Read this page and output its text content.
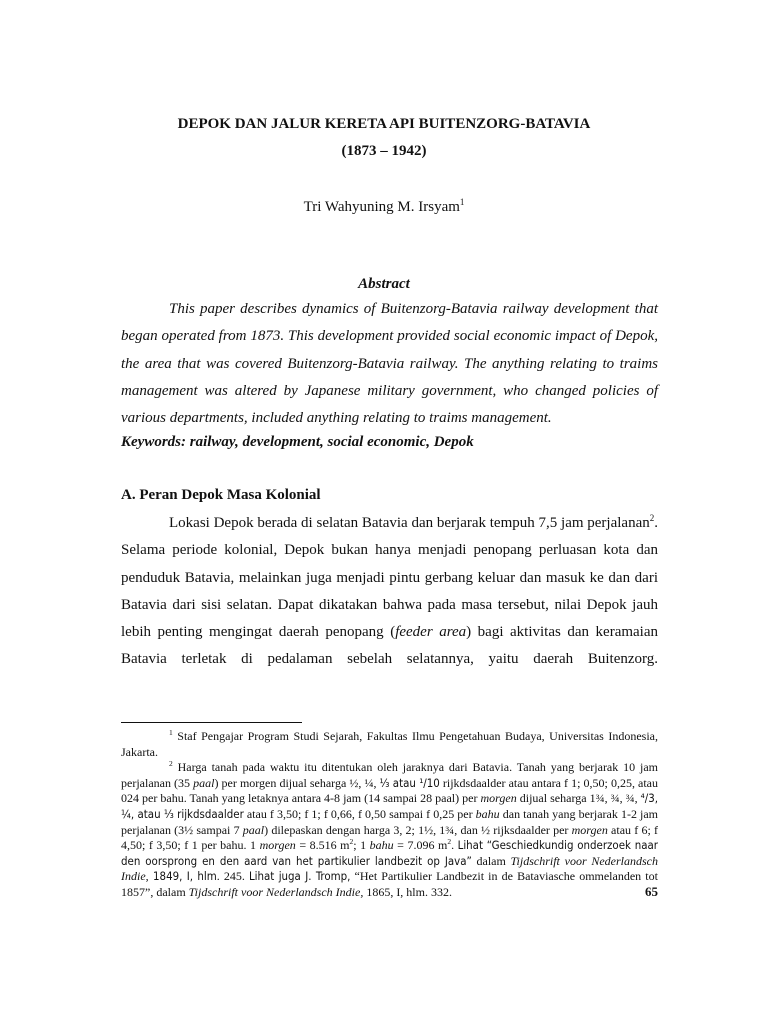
DEPOK DAN JALUR KERETA API BUITENZORG-BATAVIA
(1873 – 1942)
Tri Wahyuning M. Irsyam$^1$
Abstract

This paper describes dynamics of Buitenzorg-Batavia railway development that began operated from 1873. This development provided social economic impact of Depok, the area that was covered Buitenzorg-Batavia railway. The anything relating to traims management was altered by Japanese military government, who changed policies of various departments, included anything relating to traims management.

Keywords: railway, development, social economic, Depok
A. Peran Depok Masa Kolonial

Lokasi Depok berada di selatan Batavia dan berjarak tempuh 7,5 jam perjalanan$^2$. Selama periode kolonial, Depok bukan hanya menjadi penopang perluasan kota dan penduduk Batavia, melainkan juga menjadi pintu gerbang keluar dan masuk ke dan dari Batavia dari sisi selatan. Dapat dikatakan bahwa pada masa tersebut, nilai Depok jauh lebih penting mengingat daerah penopang (feeder area) bagi aktivitas dan keramaian Batavia terletak di pedalaman sebelah selatannya, yaitu daerah Buitenzorg.

$^1$ Staf Pengajar Program Studi Sejarah, Fakultas Ilmu Pengetahuan Budaya, Universitas Indonesia, Jakarta.

$^2$ Harga tanah pada waktu itu ditentukan oleh jaraknya dari Batavia. Tanah yang berjarak 10 jam perjalanan (35 paal) per morgen dijual seharga ½, ¼, ⅓ atau ¹/10 rijkdsdaalder atau antara f 1; 0,50; 0,25, atau 024 per bahu. Tanah yang letaknya antara 4-8 jam (14 sampai 28 paal) per morgen dijual seharga 1¾, ¾, ¾, ⁴/3, ¼, atau ⅓ rijkdsdaalder atau f 3,50; f 1; f 0,66, f 0,50 sampai f 0,25 per bahu dan tanah yang berjarak 1-2 jam perjalanan (3½ sampai 7 paal) dilepaskan dengan harga 3, 2; 1½, 1¾, dan ½ rijksdaalder per morgen atau f 6; f 4,50; f 3,50; f 1 per bahu. 1 morgen = 8.516 $m^2$; 1 bahu = 7.096 $m^2$. Lihat “Geschiedkundig onderzoek naar den oorsprong en den aard van het partikulier landbezit op Java” dalam Tijdschrift voor Nederlandsch Indie, 1849, I, hlm. 245. Lihat juga J. Tromp, “Het Partikulier Landbezit in de Bataviasche ommelanden tot 1857”, dalam Tijdschrift voor Nederlandsch Indie, 1865, I, hlm. 332.	65
